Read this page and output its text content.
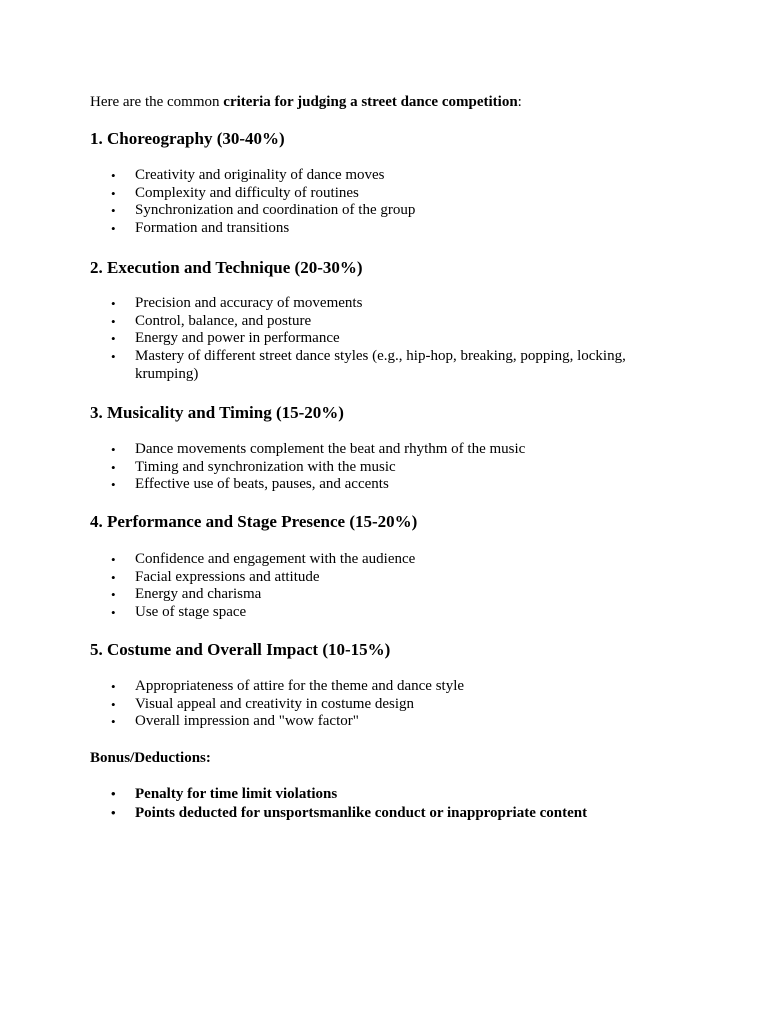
Here are the common criteria for judging a street dance competition:

1. Choreography (30-40%)
• Creativity and originality of dance moves
• Complexity and difficulty of routines
• Synchronization and coordination of the group
• Formation and transitions
2. Execution and Technique (20-30%)
• Precision and accuracy of movements
• Control, balance, and posture
• Energy and power in performance
• Mastery of different street dance styles (e.g., hip-hop, breaking, popping, locking, krumping)
3. Musicality and Timing (15-20%)
• Dance movements complement the beat and rhythm of the music
• Timing and synchronization with the music
• Effective use of beats, pauses, and accents
4. Performance and Stage Presence (15-20%)
• Confidence and engagement with the audience
• Facial expressions and attitude
• Energy and charisma
• Use of stage space
5. Costume and Overall Impact (10-15%)
• Appropriateness of attire for the theme and dance style
• Visual appeal and creativity in costume design
• Overall impression and "wow factor"

Bonus/Deductions:

• Penalty for time limit violations
• Points deducted for unsportsmanlike conduct or inappropriate content
